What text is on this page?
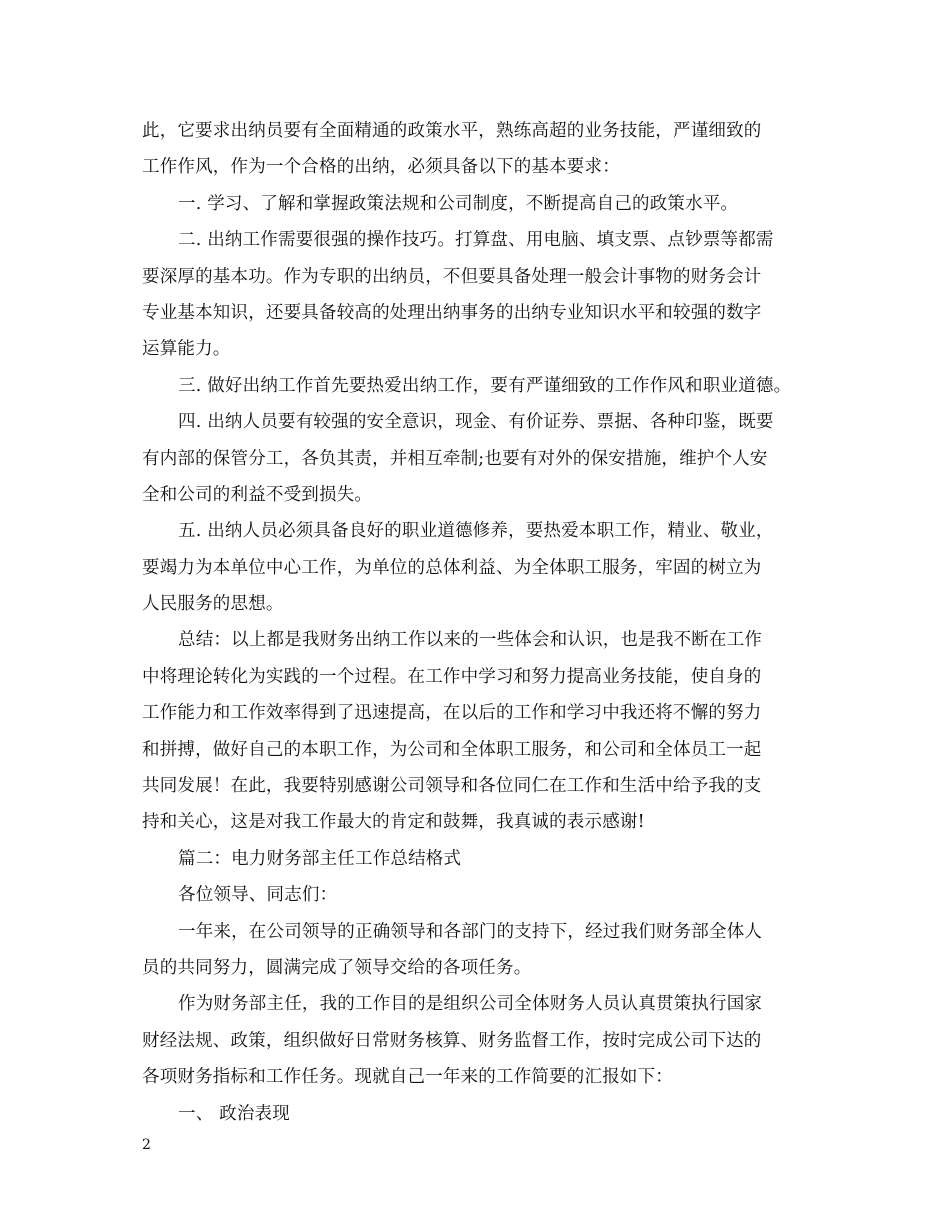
此，它要求出纳员要有全面精通的政策水平，熟练高超的业务技能，严谨细致的
工作作风，作为一个合格的出纳，必须具备以下的基本要求：
一. 学习、了解和掌握政策法规和公司制度，不断提高自己的政策水平。
二. 出纳工作需要很强的操作技巧。打算盘、用电脑、填支票、点钞票等都需
要深厚的基本功。作为专职的出纳员，不但要具备处理一般会计事物的财务会计
专业基本知识，还要具备较高的处理出纳事务的出纳专业知识水平和较强的数字
运算能力。
三. 做好出纳工作首先要热爱出纳工作，要有严谨细致的工作作风和职业道德。
四. 出纳人员要有较强的安全意识，现金、有价证券、票据、各种印鉴，既要
有内部的保管分工，各负其责，并相互牵制;也要有对外的保安措施，维护个人安
全和公司的利益不受到损失。
五. 出纳人员必须具备良好的职业道德修养，要热爱本职工作，精业、敬业，
要竭力为本单位中心工作，为单位的总体利益、为全体职工服务，牢固的树立为
人民服务的思想。
总结：以上都是我财务出纳工作以来的一些体会和认识，也是我不断在工作
中将理论转化为实践的一个过程。在工作中学习和努力提高业务技能，使自身的
工作能力和工作效率得到了迅速提高，在以后的工作和学习中我还将不懈的努力
和拼搏，做好自己的本职工作，为公司和全体职工服务，和公司和全体员工一起
共同发展！在此，我要特别感谢公司领导和各位同仁在工作和生活中给予我的支
持和关心，这是对我工作最大的肯定和鼓舞，我真诚的表示感谢!
篇二：电力财务部主任工作总结格式
各位领导、同志们：
一年来，在公司领导的正确领导和各部门的支持下，经过我们财务部全体人
员的共同努力，圆满完成了领导交给的各项任务。
作为财务部主任，我的工作目的是组织公司全体财务人员认真贯策执行国家
财经法规、政策，组织做好日常财务核算、财务监督工作，按时完成公司下达的
各项财务指标和工作任务。现就自己一年来的工作简要的汇报如下：
一、 政治表现
2
